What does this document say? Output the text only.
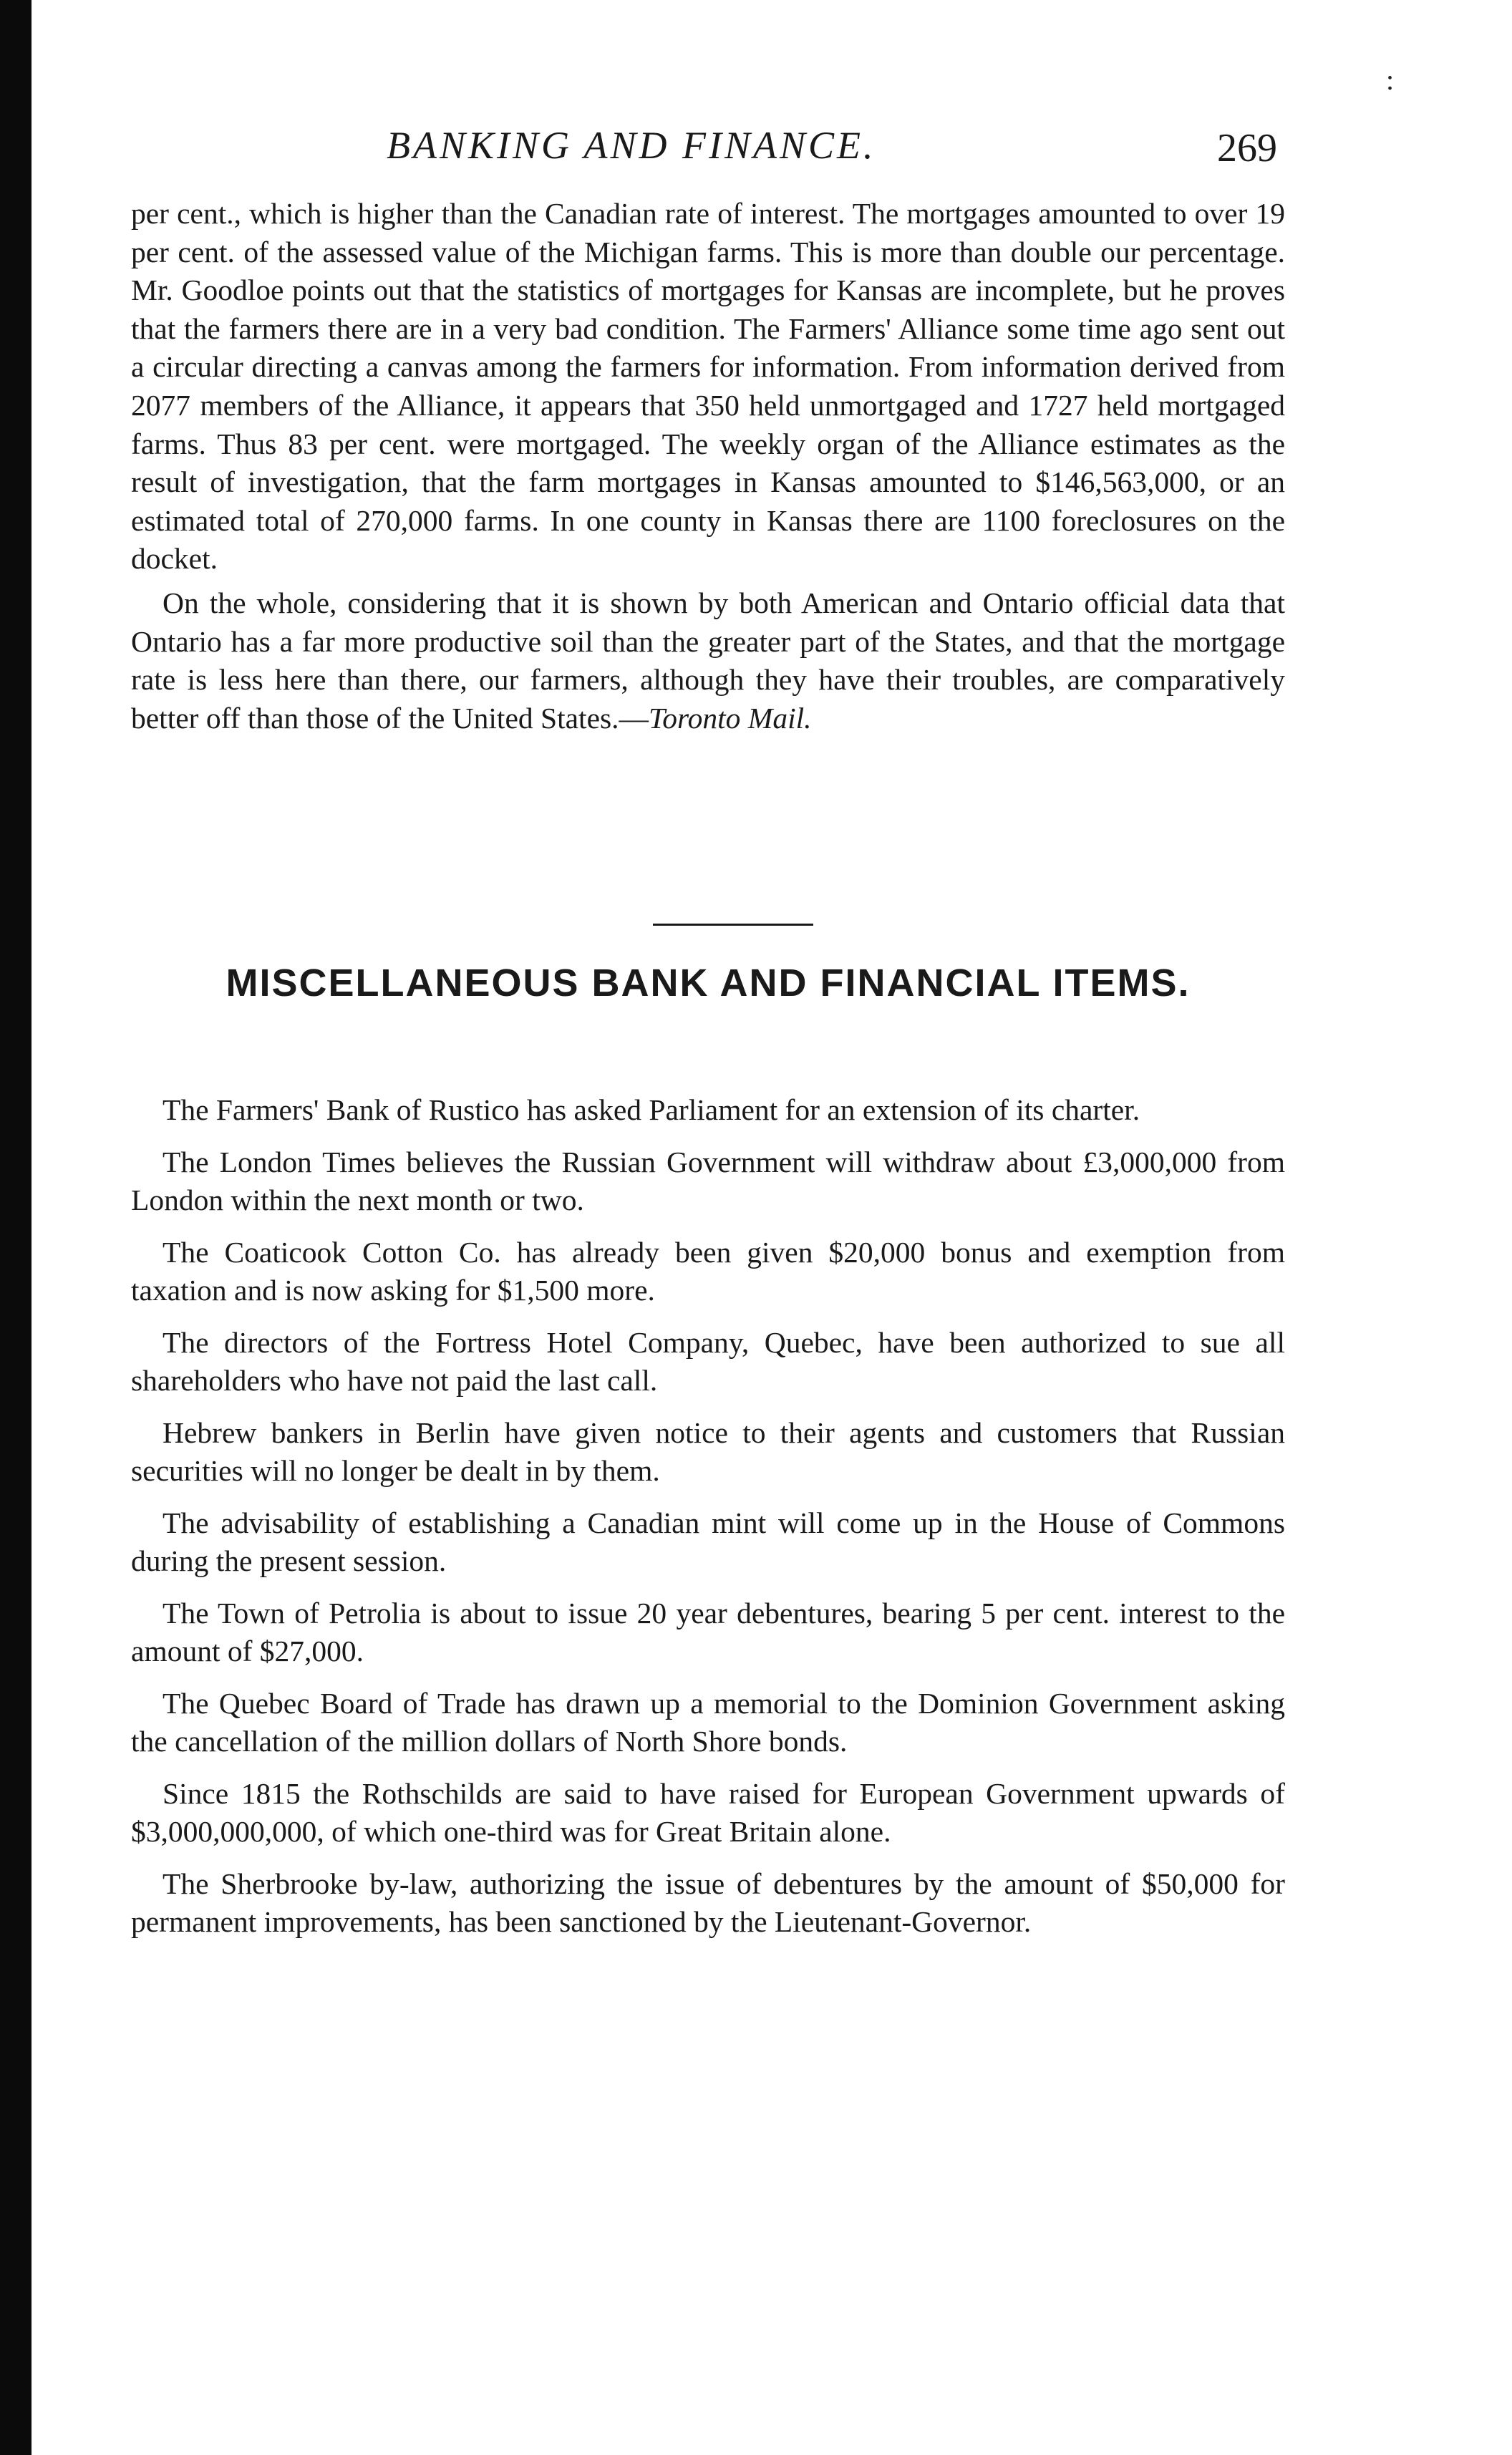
:
BANKING AND FINANCE.	269

per cent., which is higher than the Canadian rate of interest. The mortgages amounted to over 19 per cent. of the assessed value of the Michigan farms. This is more than double our percentage. Mr. Goodloe points out that the statistics of mortgages for Kansas are incomplete, but he proves that the farmers there are in a very bad condition. The Farmers' Alliance some time ago sent out a circular directing a canvas among the farmers for information. From information derived from 2077 members of the Alliance, it appears that 350 held unmortgaged and 1727 held mortgaged farms. Thus 83 per cent. were mortgaged. The weekly organ of the Alliance estimates as the result of investigation, that the farm mortgages in Kansas amounted to $146,563,000, or an estimated total of 270,000 farms. In one county in Kansas there are 1100 foreclosures on the docket.

On the whole, considering that it is shown by both American and Ontario official data that Ontario has a far more productive soil than the greater part of the States, and that the mortgage rate is less here than there, our farmers, although they have their troubles, are comparatively better off than those of the United States.—Toronto Mail.

MISCELLANEOUS BANK AND FINANCIAL ITEMS.

The Farmers' Bank of Rustico has asked Parliament for an extension of its charter.

The London Times believes the Russian Government will withdraw about £3,000,000 from London within the next month or two.

The Coaticook Cotton Co. has already been given $20,000 bonus and exemption from taxation and is now asking for $1,500 more.

The directors of the Fortress Hotel Company, Quebec, have been authorized to sue all shareholders who have not paid the last call.

Hebrew bankers in Berlin have given notice to their agents and customers that Russian securities will no longer be dealt in by them.

The advisability of establishing a Canadian mint will come up in the House of Commons during the present session.

The Town of Petrolia is about to issue 20 year debentures, bearing 5 per cent. interest to the amount of $27,000.

The Quebec Board of Trade has drawn up a memorial to the Dominion Government asking the cancellation of the million dollars of North Shore bonds.

Since 1815 the Rothschilds are said to have raised for European Government upwards of $3,000,000,000, of which one-third was for Great Britain alone.

The Sherbrooke by-law, authorizing the issue of debentures by the amount of $50,000 for permanent improvements, has been sanctioned by the Lieutenant-Governor.
